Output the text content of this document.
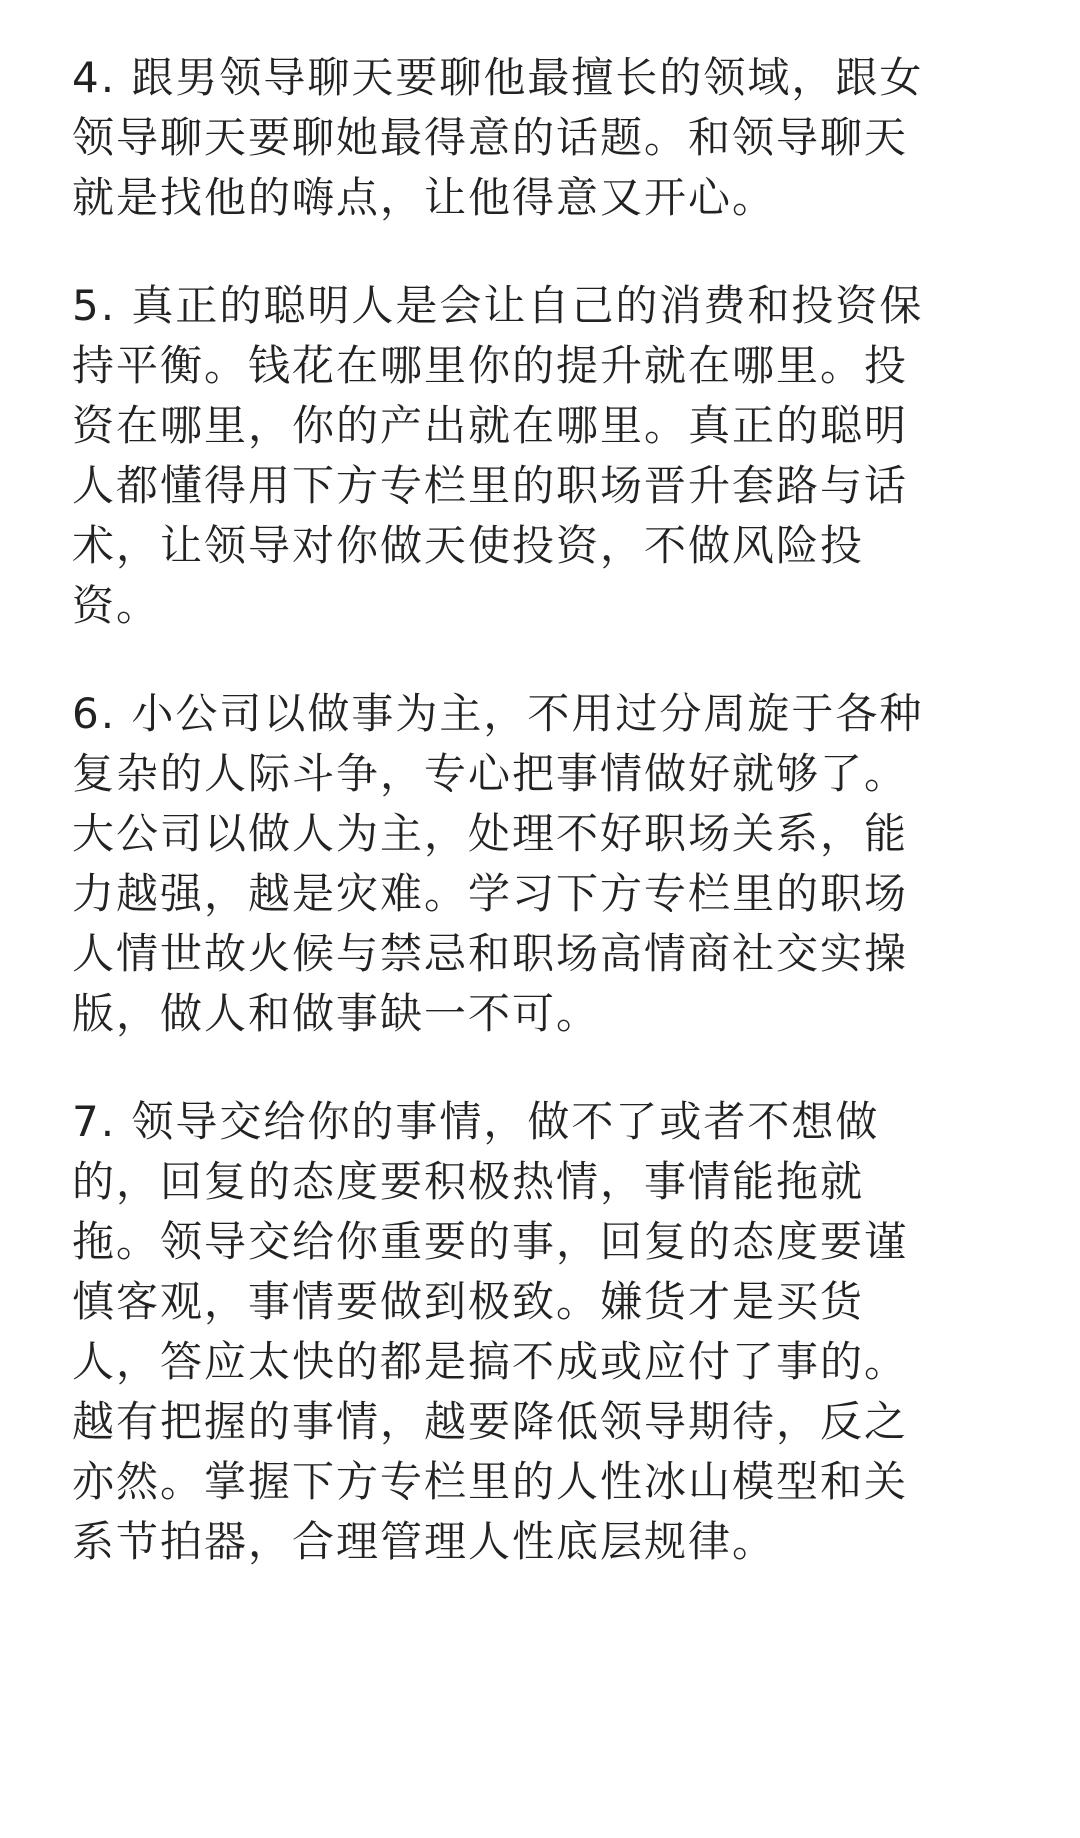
4. 跟男领导聊天要聊他最擅长的领域，跟女
领导聊天要聊她最得意的话题。和领导聊天
就是找他的嗨点，让他得意又开心。

5. 真正的聪明人是会让自己的消费和投资保
持平衡。钱花在哪里你的提升就在哪里。投
资在哪里，你的产出就在哪里。真正的聪明
人都懂得用下方专栏里的职场晋升套路与话
术，让领导对你做天使投资，不做风险投
资。

6. 小公司以做事为主，不用过分周旋于各种
复杂的人际斗争，专心把事情做好就够了。
大公司以做人为主，处理不好职场关系，能
力越强，越是灾难。学习下方专栏里的职场
人情世故火候与禁忌和职场高情商社交实操
版，做人和做事缺一不可。

7. 领导交给你的事情，做不了或者不想做
的，回复的态度要积极热情，事情能拖就
拖。领导交给你重要的事，回复的态度要谨
慎客观，事情要做到极致。嫌货才是买货
人，答应太快的都是搞不成或应付了事的。
越有把握的事情，越要降低领导期待，反之
亦然。掌握下方专栏里的人性冰山模型和关
系节拍器，合理管理人性底层规律。
